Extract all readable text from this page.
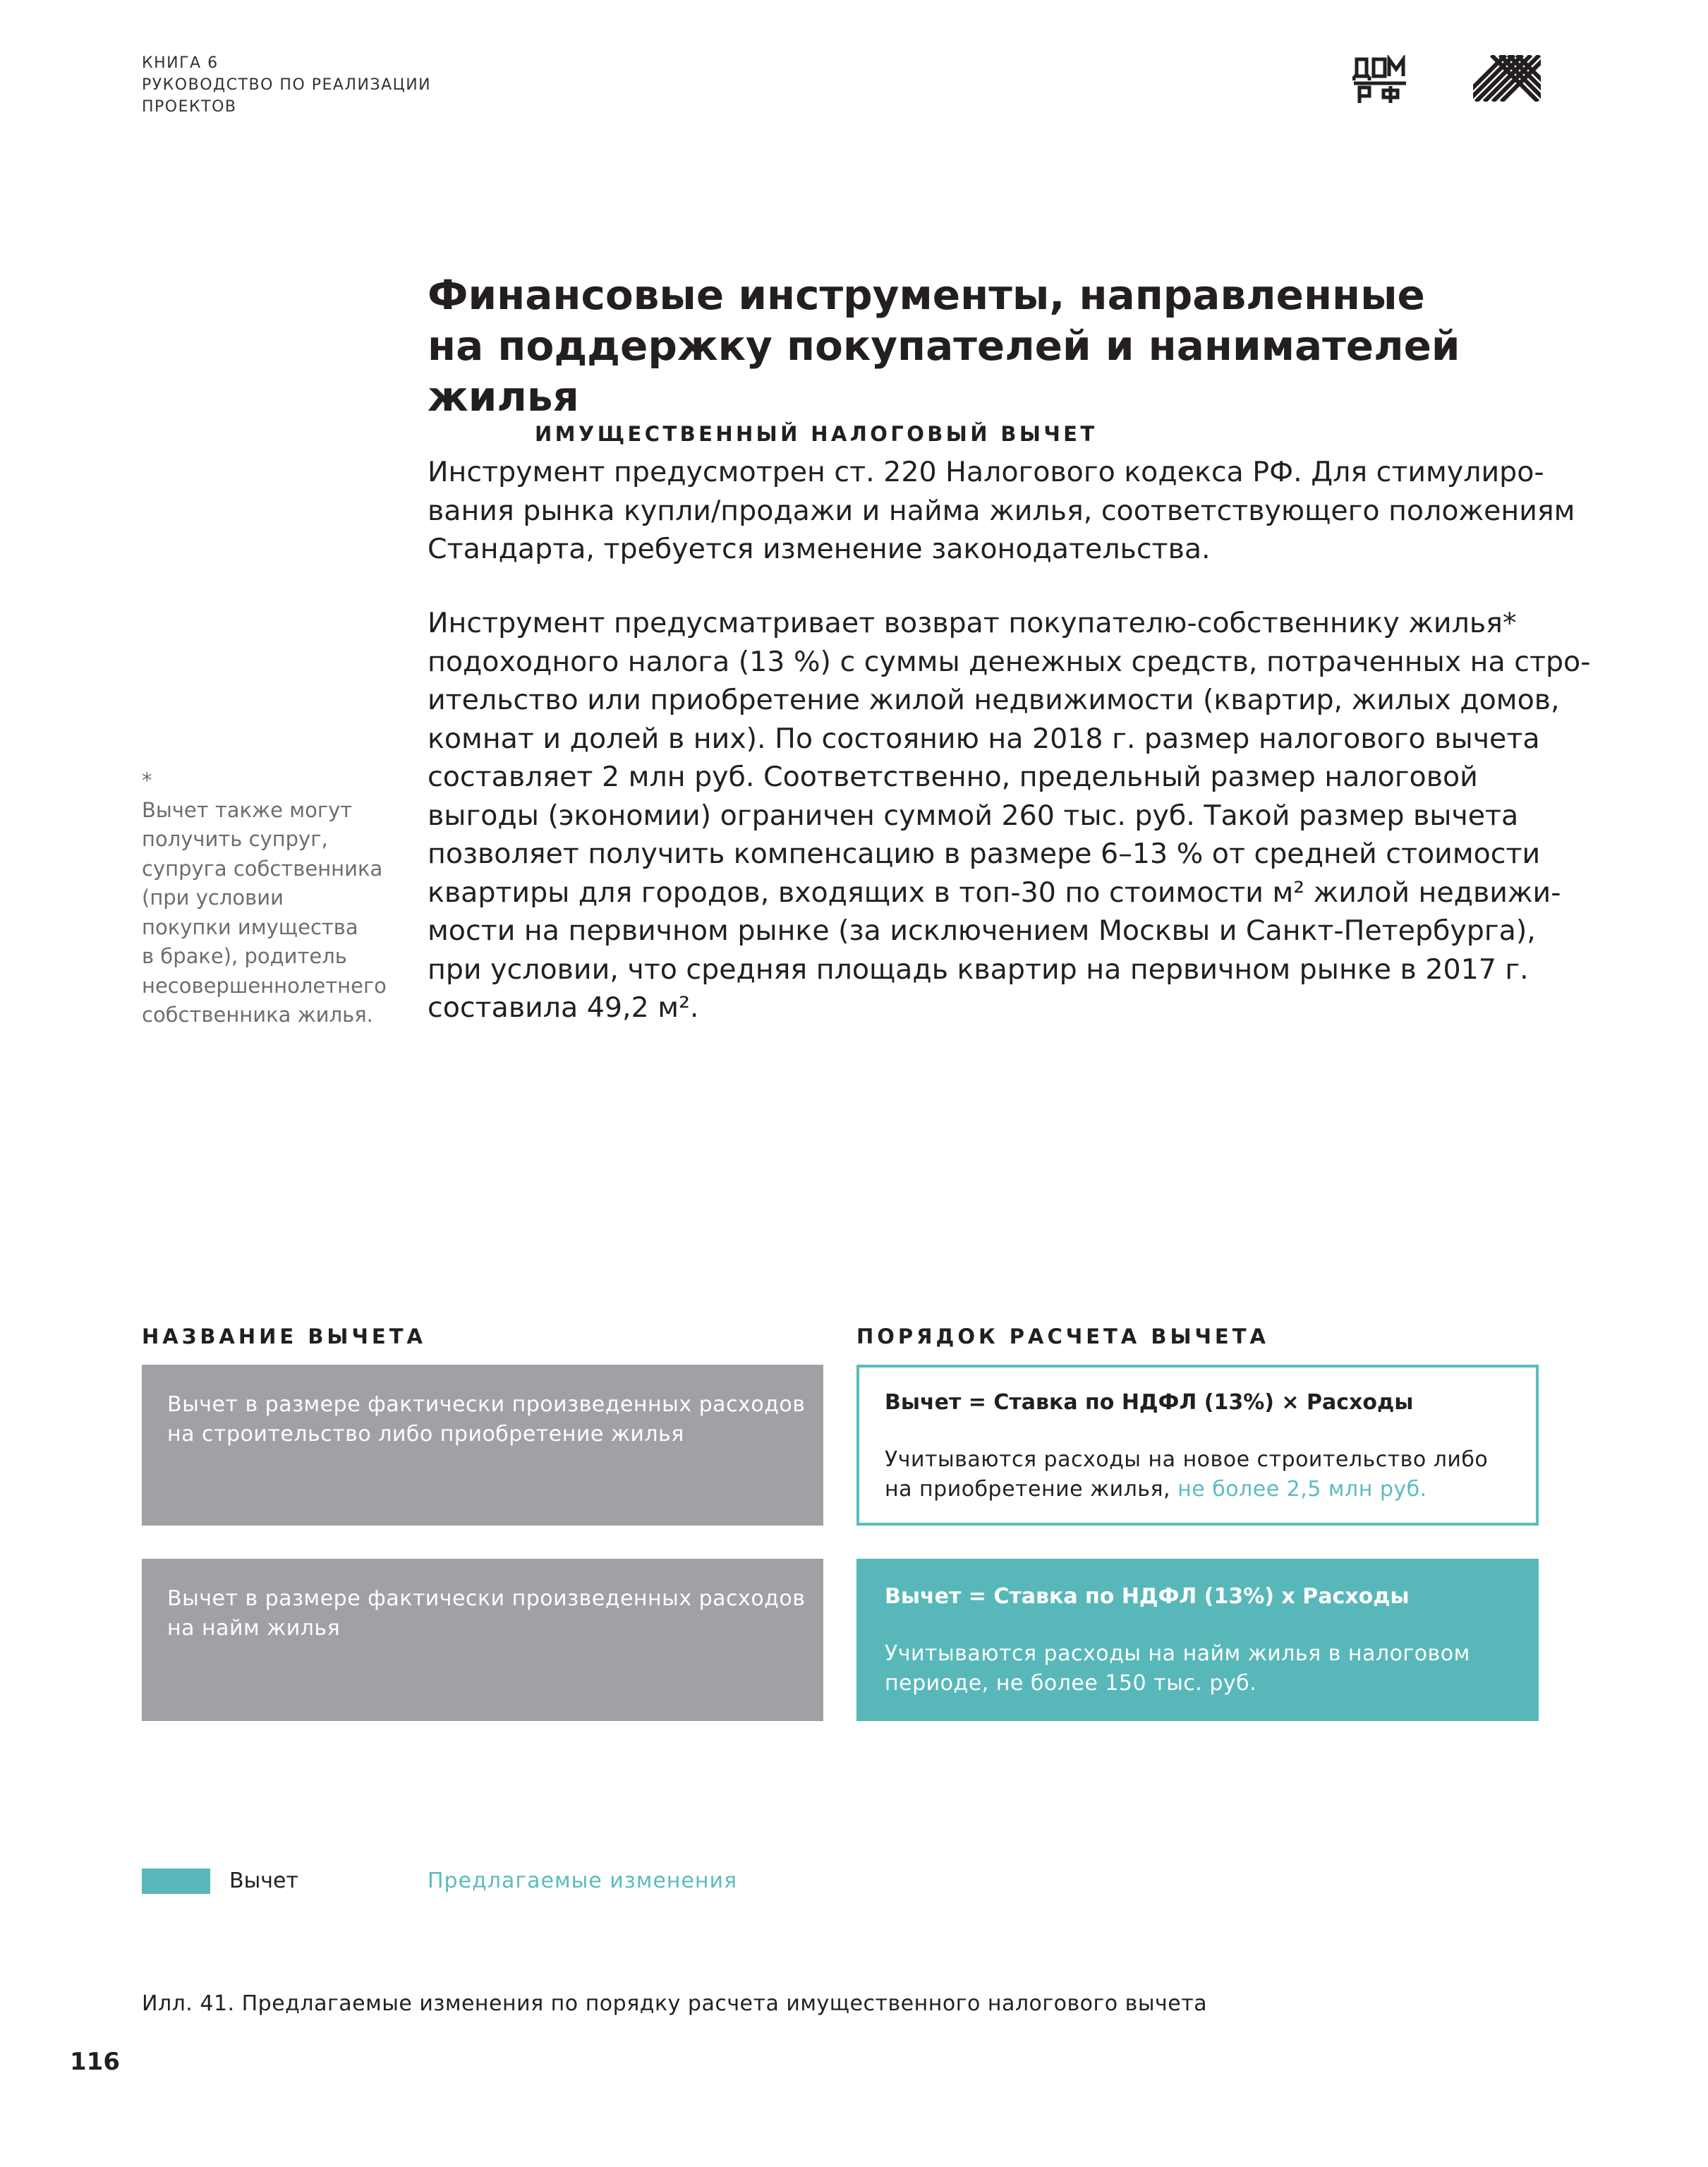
КНИГА 6
РУКОВОДСТВО ПО РЕАЛИЗАЦИИ
ПРОЕКТОВ
Финансовые инструменты, направленные
на поддержку покупателей и нанимателей жилья
ИМУЩЕСТВЕННЫЙ НАЛОГОВЫЙ ВЫЧЕТ
Инструмент предусмотрен ст. 220 Налогового кодекса РФ. Для стимулиро-
вания рынка купли/продажи и найма жилья, соответствующего положениям
Стандарта, требуется изменение законодательства.
Инструмент предусматривает возврат покупателю-собственнику жилья*
подоходного налога (13 %) с суммы денежных средств, потраченных на стро-
ительство или приобретение жилой недвижимости (квартир, жилых домов,
комнат и долей в них). По состоянию на 2018 г. размер налогового вычета
составляет 2 млн руб. Соответственно, предельный размер налоговой
выгоды (экономии) ограничен суммой 260 тыс. руб. Такой размер вычета
позволяет получить компенсацию в размере 6–13 % от средней стоимости
квартиры для городов, входящих в топ-30 по стоимости м² жилой недвижи-
мости на первичном рынке (за исключением Москвы и Санкт-Петербурга),
при условии, что средняя площадь квартир на первичном рынке в 2017 г.
составила 49,2 м².
*
Вычет также могут
получить супруг,
супруга собственника
(при условии
покупки имущества
в браке), родитель
несовершеннолетнего
собственника жилья.
НАЗВАНИЕ ВЫЧЕТА	ПОРЯДОК РАСЧЕТА ВЫЧЕТА
Вычет в размере фактически произведенных расходов
на строительство либо приобретение жилья
Вычет = Ставка по НДФЛ (13%) × Расходы
Учитываются расходы на новое строительство либо
на приобретение жилья, не более 2,5 млн руб.
Вычет в размере фактически произведенных расходов
на найм жилья
Вычет = Ставка по НДФЛ (13%) х Расходы
Учитываются расходы на найм жилья в налоговом
периоде, не более 150 тыс. руб.
Вычет	Предлагаемые изменения
Илл. 41. Предлагаемые изменения по порядку расчета имущественного налогового вычета
116
